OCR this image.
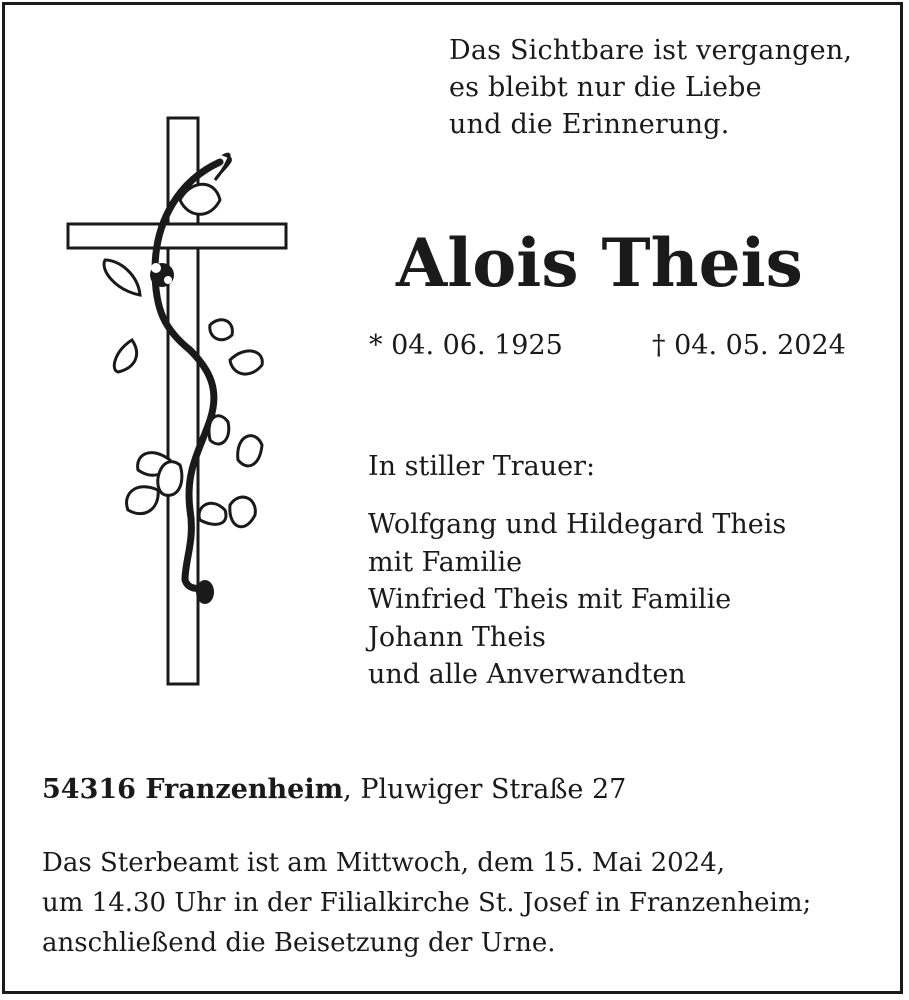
Das Sichtbare ist vergangen,
es bleibt nur die Liebe
und die Erinnerung.
Alois Theis
* 04. 06. 1925	† 04. 05. 2024
In stiller Trauer:
Wolfgang und Hildegard Theis
mit Familie
Winfried Theis mit Familie
Johann Theis
und alle Anverwandten
54316 Franzenheim, Pluwiger Straße 27
Das Sterbeamt ist am Mittwoch, dem 15. Mai 2024,
um 14.30 Uhr in der Filialkirche St. Josef in Franzenheim;
anschließend die Beisetzung der Urne.
